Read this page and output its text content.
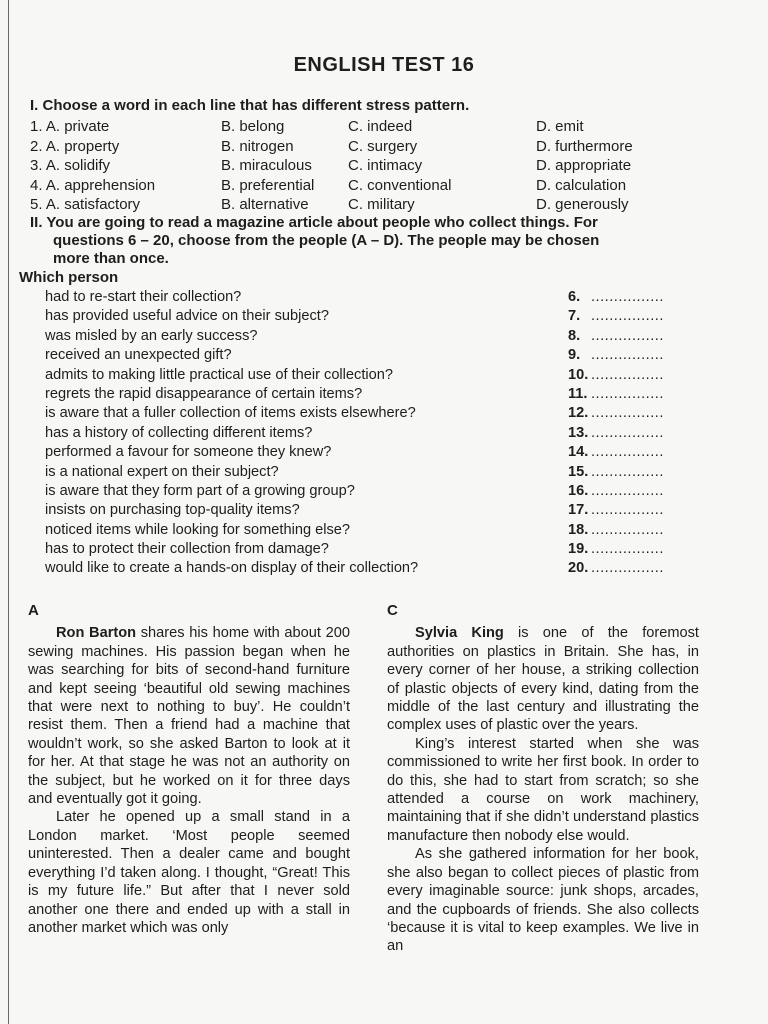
ENGLISH TEST 16
I. Choose a word in each line that has different stress pattern.
1. A. private	B. belong	C. indeed	D. emit
2. A. property	B. nitrogen	C. surgery	D. furthermore
3. A. solidify	B. miraculous C. intimacy	D. appropriate
4. A. apprehension	B. preferential C. conventional	D. calculation
5. A. satisfactory	B. alternative	C. military	D. generously
II. You are going to read a magazine article about people who collect things. For

questions 6 – 20, choose from the people (A – D). The people may be chosen
more than once.
Which person
had to re-start their collection?	6. ................
has provided useful advice on their subject?	7. ................
was misled by an early success?	8. ................
received an unexpected gift?	9. ................
admits to making little practical use of their collection?	10. ................
regrets the rapid disappearance of certain items?	11. ................
is aware that a fuller collection of items exists elsewhere?	12. ................
has a history of collecting different items?	13. ................
performed a favour for someone they knew?	14. ................
is a national expert on their subject?	15. ................
is aware that they form part of a growing group?	16. ................
insists on purchasing top-quality items?	17. ................
noticed items while looking for something else?	18. ................
has to protect their collection from damage?	19. ................
would like to create a hands-on display of their collection?	20. ................
A

Ron Barton shares his home with about 200 sewing machines. His passion began when he was searching for bits of second-hand furniture and kept seeing ‘beautiful old sewing machines that were next to nothing to buy’. He couldn’t resist them. Then a friend had a machine that wouldn’t work, so she asked Barton to look at it for her. At that stage he was not an authority on the subject, but he worked on it for three days and eventually got it going.

Later he opened up a small stand in a London market. ‘Most people seemed uninterested. Then a dealer came and bought everything I’d taken along. I thought, “Great! This is my future life.” But after that I never sold another one there and ended up with a stall in another market which was only

C

Sylvia King is one of the foremost authorities on plastics in Britain. She has, in every corner of her house, a striking collection of plastic objects of every kind, dating from the middle of the last century and illustrating the complex uses of plastic over the years.

King’s interest started when she was commissioned to write her first book. In order to do this, she had to start from scratch; so she attended a course on work machinery, maintaining that if she didn’t understand plastics manufacture then nobody else would.

As she gathered information for her book, she also began to collect pieces of plastic from every imaginable source: junk shops, arcades, and the cupboards of friends. She also collects ‘because it is vital to keep examples. We live in an
